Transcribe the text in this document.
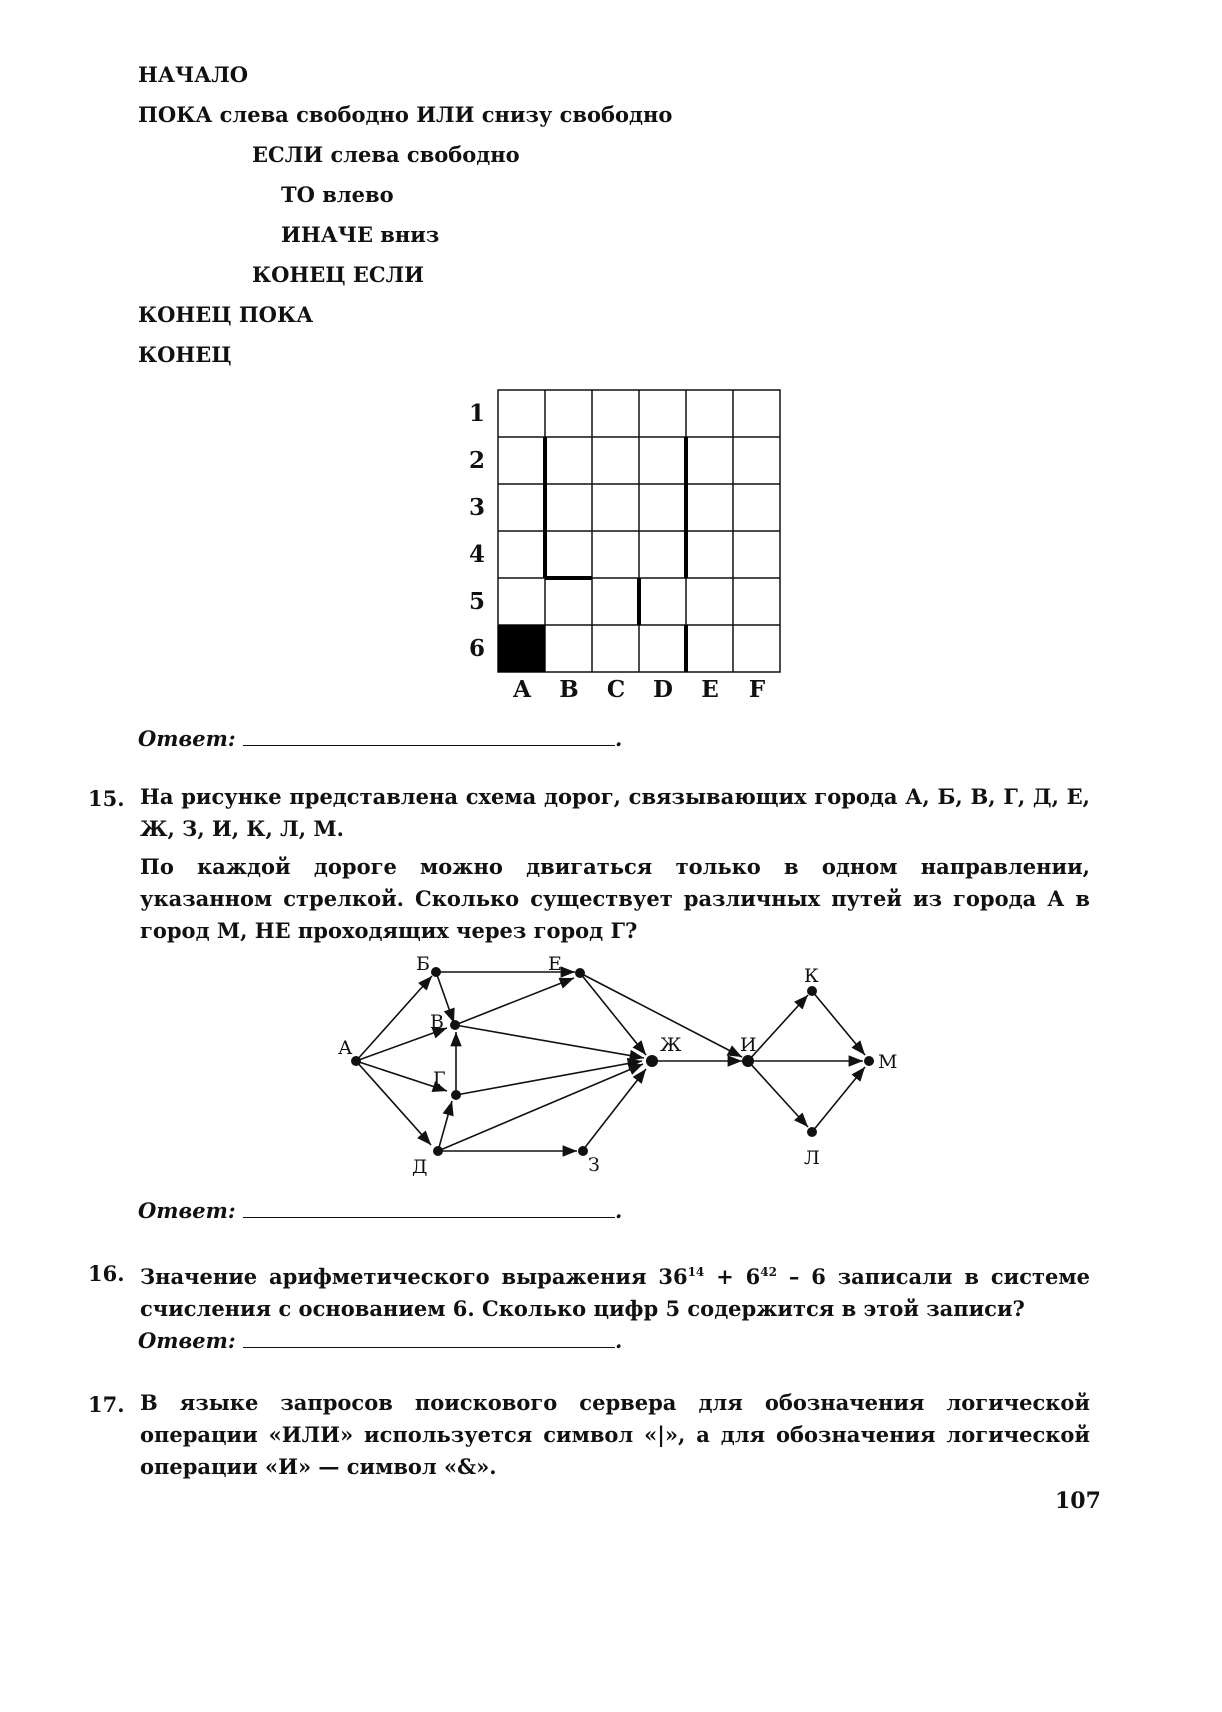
НАЧАЛО
ПОКА слева свободно ИЛИ снизу свободно
ЕСЛИ слева свободно
ТО влево
ИНАЧЕ вниз
КОНЕЦ ЕСЛИ
КОНЕЦ ПОКА
КОНЕЦ
1
2
3
4
5
6
A B C D E F
Ответ:	.
15. На рисунке представлена схема дорог, связывающих города А, Б, В, Г, Д, Е, Ж, З, И, К, Л, М.
По каждой дороге можно двигаться только в одном направлении, указанном стрелкой. Сколько существует различных путей из города А в город М, НЕ проходящих через город Г?
А
Б
В
Г
Д
Е
Ж
З
И
К
Л
М
Ответ:	.
16. Значение арифметического выражения $36^{14} + 6^{42} - 6$ записали в системе счисления с основанием 6. Сколько цифр 5 содержится в этой записи?
Ответ:	.
17. В языке запросов поискового сервера для обозначения логической операции «ИЛИ» используется символ «|», а для обозначения логической операции «И» — символ «&».
107
